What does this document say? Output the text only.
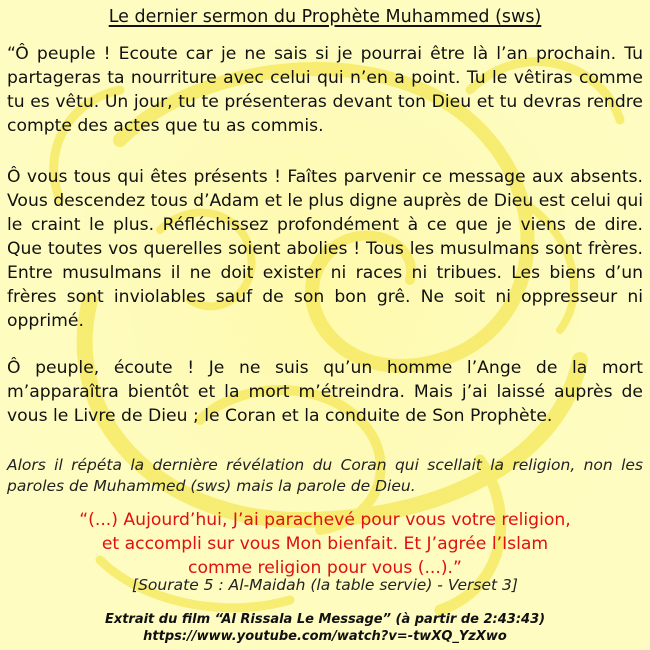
Le dernier sermon du Prophète Muhammed (sws)

“Ô peuple ! Ecoute car je ne sais si je pourrai être là l’an prochain. Tu partageras ta nourriture avec celui qui n’en a point. Tu le vêtiras comme tu es vêtu. Un jour, tu te présenteras devant ton Dieu et tu devras rendre compte des actes que tu as commis.

Ô vous tous qui êtes présents ! Faîtes parvenir ce message aux absents. Vous descendez tous d’Adam et le plus digne auprès de Dieu est celui qui le craint le plus. Réfléchissez profondément à ce que je viens de dire. Que toutes vos querelles soient abolies ! Tous les musulmans sont frères. Entre musulmans il ne doit exister ni races ni tribues. Les biens d’un frères sont inviolables sauf de son bon grê. Ne soit ni oppresseur ni opprimé.

Ô peuple, écoute ! Je ne suis qu’un homme l’Ange de la mort m’apparaîtra bientôt et la mort m’étreindra. Mais j’ai laissé auprès de vous le Livre de Dieu ; le Coran et la conduite de Son Prophète.

Alors il répéta la dernière révélation du Coran qui scellait la religion, non les paroles de Muhammed (sws) mais la parole de Dieu.

“(...) Aujourd’hui, J’ai parachevé pour vous votre religion,
et accompli sur vous Mon bienfait. Et J’agrée l’Islam
comme religion pour vous (...).”

[Sourate 5 : Al-Maidah (la table servie) - Verset 3]

Extrait du film “Al Rissala Le Message” (à partir de 2:43:43)
https://www.youtube.com/watch?v=-twXQ_YzXwo
